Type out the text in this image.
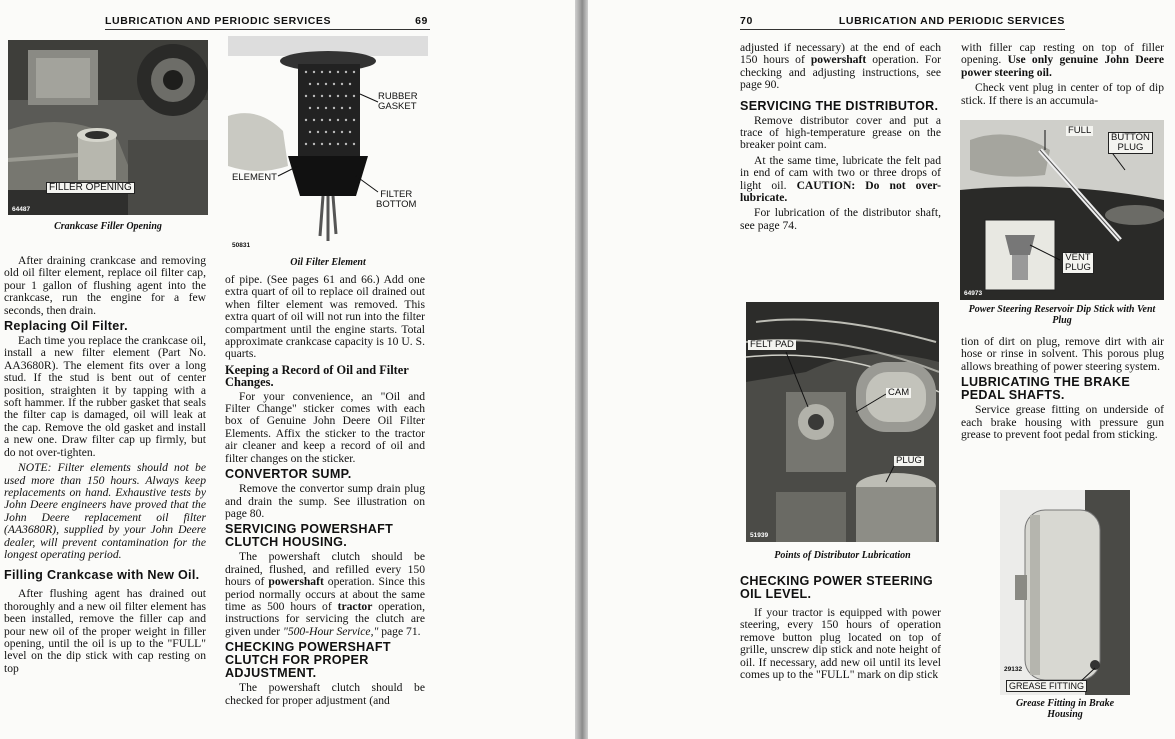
LUBRICATION AND PERIODIC SERVICES	69
FILLER OPENING
64487
Crankcase Filler Opening
RUBBER
GASKET
ELEMENT
FILTER
BOTTOM
50831
Oil Filter Element

After draining crankcase and removing old oil filter element, replace oil filter cap, pour 1 gallon of flushing agent into the crankcase, run the engine for a few seconds, then drain.

Replacing Oil Filter.

Each time you replace the crankcase oil, install a new filter element (Part No. AA3680R). The element fits over a long stud. If the stud is bent out of center position, straighten it by tapping with a soft hammer. If the rubber gasket that seals the filter cap is damaged, oil will leak at the cap. Remove the old gasket and install a new one. Draw filter cap up firmly, but do not over-tighten.

NOTE: Filter elements should not be used more than 150 hours. Always keep replacements on hand. Exhaustive tests by John Deere engineers have proved that the John Deere replacement oil filter (AA3680R), supplied by your John Deere dealer, will prevent contamination for the longest operating period.

Filling Crankcase with New Oil.

After flushing agent has drained out thoroughly and a new oil filter element has been installed, remove the filler cap and pour new oil of the proper weight in filler opening, until the oil is up to the "FULL" level on the dip stick with cap resting on top

of pipe. (See pages 61 and 66.) Add one extra quart of oil to replace oil drained out when filter element was removed. This extra quart of oil will not run into the filter compartment until the engine starts. Total approximate crankcase capacity is 10 U. S. quarts.

Keeping a Record of Oil and Filter Changes.

For your convenience, an "Oil and Filter Change" sticker comes with each box of Genuine John Deere Oil Filter Elements. Affix the sticker to the tractor air cleaner and keep a record of oil and filter changes on the sticker.

CONVERTOR SUMP.

Remove the convertor sump drain plug and drain the sump. See illustration on page 80.

SERVICING POWERSHAFT CLUTCH HOUSING.

The powershaft clutch should be drained, flushed, and refilled every 150 hours of powershaft operation. Since this period normally occurs at about the same time as 500 hours of tractor operation, instructions for servicing the clutch are given under "500-Hour Service," page 71.

CHECKING POWERSHAFT CLUTCH FOR PROPER ADJUSTMENT.

The powershaft clutch should be checked for proper adjustment (and

70	LUBRICATION AND PERIODIC SERVICES

adjusted if necessary) at the end of each 150 hours of powershaft operation. For checking and adjusting instructions, see page 90.

SERVICING THE DISTRIBUTOR.

Remove distributor cover and put a trace of high-temperature grease on the breaker point cam.

At the same time, lubricate the felt pad in end of cam with two or three drops of light oil. CAUTION: Do not over-lubricate.

For lubrication of the distributor shaft, see page 74.

FELT PAD
CAM
PLUG
51939
Points of Distributor Lubrication
CHECKING POWER STEERING OIL LEVEL.

If your tractor is equipped with power steering, every 150 hours of operation remove button plug located on top of grille, unscrew dip stick and note height of oil. If necessary, add new oil until its level comes up to the "FULL" mark on dip stick

with filler cap resting on top of filler opening. Use only genuine John Deere power steering oil.

Check vent plug in center of top of dip stick. If there is an accumula-

FULL
BUTTON
PLUG
VENT
PLUG
64973
Power Steering Reservoir Dip Stick with Vent Plug

tion of dirt on plug, remove dirt with air hose or rinse in solvent. This porous plug allows breathing of power steering system.

LUBRICATING THE BRAKE PEDAL SHAFTS.

Service grease fitting on underside of each brake housing with pressure gun grease to prevent foot pedal from sticking.

GREASE FITTING
29132
Grease Fitting in Brake Housing
